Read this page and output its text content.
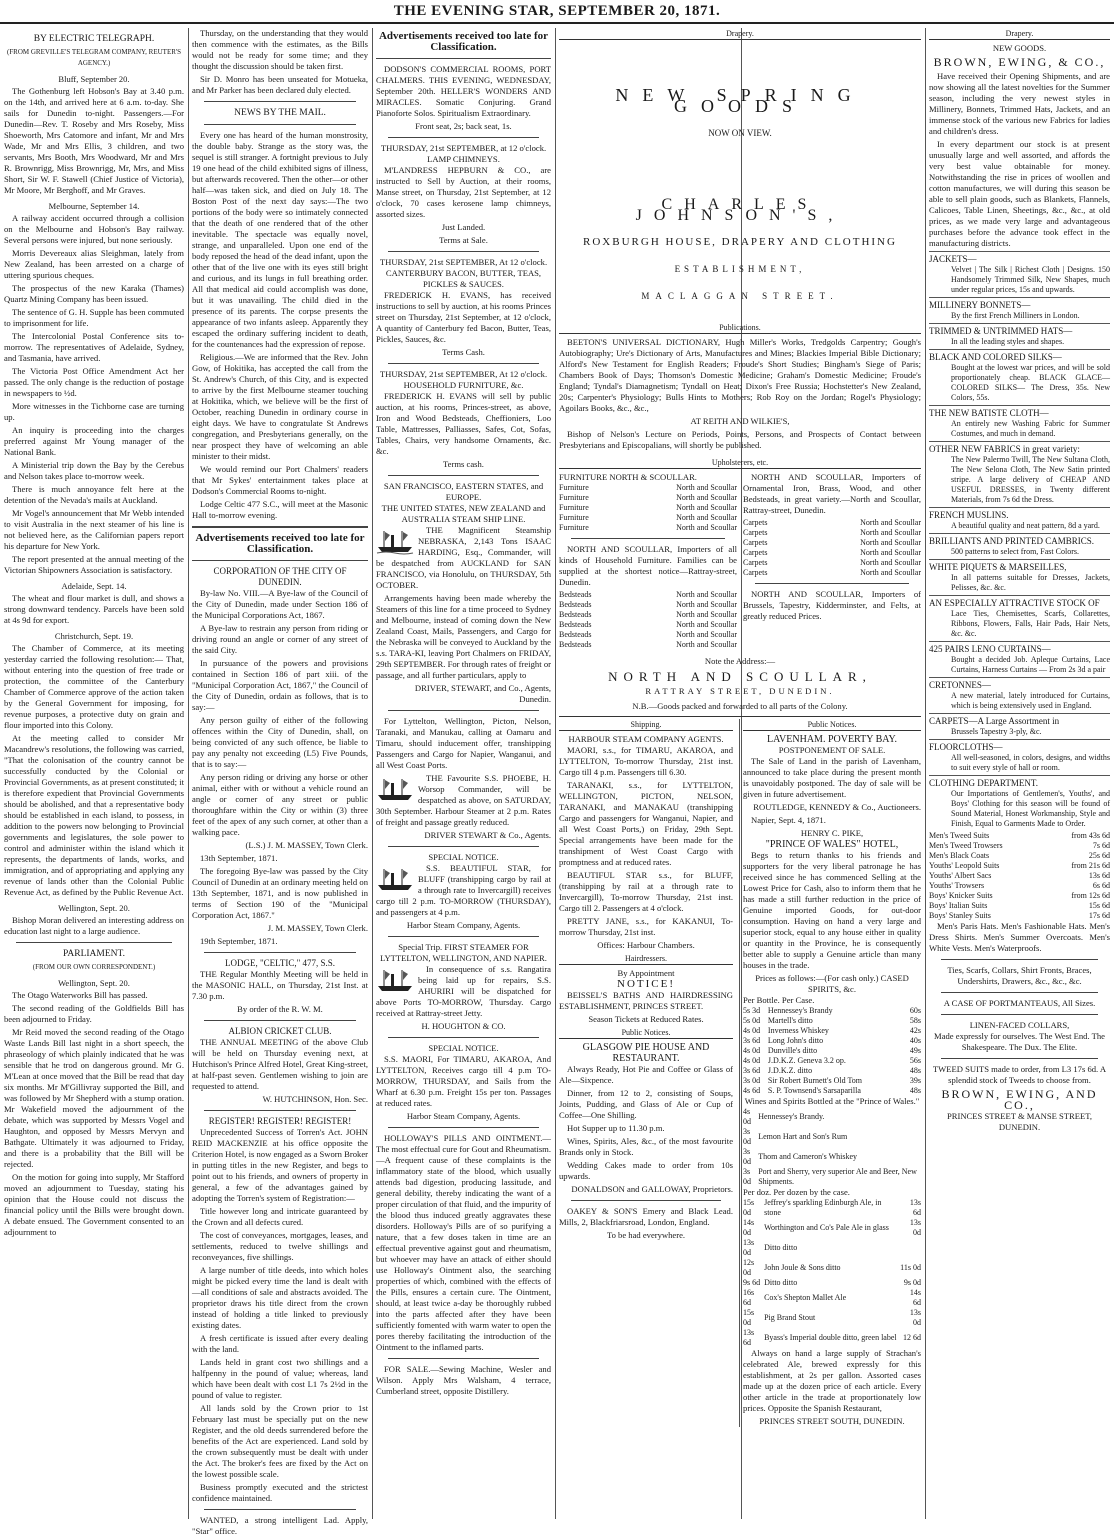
THE EVENING STAR, SEPTEMBER 20, 1871.
BY ELECTRIC TELEGRAPH.
(FROM GREVILLE'S TELEGRAM COMPANY, REUTER'S AGENCY.)
Bluff, September 20.

The Gothenburg left Hobson's Bay at 3.40 p.m. on the 14th, and arrived here at 6 a.m. to-day. She sails for Dunedin to-night. Passengers.—For Dunedin—Rev. T. Roseby and Mrs Roseby, Miss Shoeworth, Mrs Catomore and infant, Mr and Mrs Wade, Mr and Mrs Ellis, 3 children, and two servants, Mrs Booth, Mrs Woodward, Mr and Mrs R. Brownrigg, Miss Brownrigg, Mr, Mrs, and Miss Short, Sir W. F. Stawell (Chief Justice of Victoria), Mr Moore, Mr Berghoff, and Mr Graves.

Melbourne, September 14.

A railway accident occurred through a collision on the Melbourne and Hobson's Bay railway. Several persons were injured, but none seriously.

Morris Devereaux alias Sleighman, lately from New Zealand, has been arrested on a charge of uttering spurious cheques.

The prospectus of the new Karaka (Thames) Quartz Mining Company has been issued.

The sentence of G. H. Supple has been commuted to imprisonment for life.

The Intercolonial Postal Conference sits to-morrow. The representatives of Adelaide, Sydney, and Tasmania, have arrived.

The Victoria Post Office Amendment Act her passed. The only change is the reduction of postage in newspapers to ½d.

More witnesses in the Tichborne case are turning up.

An inquiry is proceeding into the charges preferred against Mr Young manager of the National Bank.

A Ministerial trip down the Bay by the Cerebus and Nelson takes place to-morrow week.

There is much annoyance felt here at the detention of the Nevada's mails at Auckland.

Mr Vogel's announcement that Mr Webb intended to visit Australia in the next steamer of his line is not believed here, as the Californian papers report his departure for New York.

The report presented at the annual meeting of the Victorian Shipowners Association is satisfactory.

Adelaide, Sept. 14.

The wheat and flour market is dull, and shows a strong downward tendency. Parcels have been sold at 4s 9d for export.

Christchurch, Sept. 19.

The Chamber of Commerce, at its meeting yesterday carried the following resolution:— That, without entering into the question of free trade or protection, the committee of the Canterbury Chamber of Commerce approve of the action taken by the General Government for imposing, for revenue purposes, a protective duty on grain and flour imported into this Colony.

At the meeting called to consider Mr Macandrew's resolutions, the following was carried, "That the colonisation of the country cannot be successfully conducted by the Colonial or Provincial Governments, as at present constituted; it is therefore expedient that Provincial Governments should be abolished, and that a representative body should be established in each island, to possess, in addition to the powers now belonging to Provincial governments and legislatures, the sole power to control and administer within the island which it represents, the departments of lands, works, and immigration, and of appropriating and applying any revenue of lands other than the Colonial Public Revenue Act, as defined by the Public Revenue Act.

Wellington, Sept. 20.

Bishop Moran delivered an interesting address on education last night to a large audience.

PARLIAMENT.
(FROM OUR OWN CORRESPONDENT.)
Wellington, Sept. 20.

The Otago Waterworks Bill has passed.

The second reading of the Goldfields Bill has been adjourned to Friday.

Mr Reid moved the second reading of the Otago Waste Lands Bill last night in a short speech, the phraseology of which plainly indicated that he was sensible that he trod on dangerous ground. Mr G. M'Lean at once moved that the Bill be read that day six months. Mr M'Gillivray supported the Bill, and was followed by Mr Shepherd with a stump oration. Mr Wakefield moved the adjournment of the debate, which was supported by Messrs Vogel and Haughton, and opposed by Messrs Mervyn and Bathgate. Ultimately it was adjourned to Friday, and there is a probability that the Bill will be rejected.

On the motion for going into supply, Mr Stafford moved an adjournment to Tuesday, stating his opinion that the House could not discuss the financial policy until the Bills were brought down. A debate ensued. The Government consented to an adjournment to

Thursday, on the understanding that they would then commence with the estimates, as the Bills would not be ready for some time; and they thought the discussion should be taken first.

Sir D. Monro has been unseated for Motueka, and Mr Parker has been declared duly elected.

NEWS BY THE MAIL.

Every one has heard of the human monstrosity, the double baby. Strange as the story was, the sequel is still stranger. A fortnight previous to July 19 one head of the child exhibited signs of illness, but afterwards recovered. Then the other—or other half—was taken sick, and died on July 18. The Boston Post of the next day says:—The two portions of the body were so intimately connected that the death of one rendered that of the other inevitable. The spectacle was equally novel, strange, and unparalleled. Upon one end of the body reposed the head of the dead infant, upon the other that of the live one with its eyes still bright and curious, and its lungs in full breathing order. All that medical aid could accomplish was done, but it was unavailing. The child died in the presence of its parents. The corpse presents the appearance of two infants asleep. Apparently they escaped the ordinary suffering incident to death, for the countenances had the expression of repose.

Religious.—We are informed that the Rev. John Gow, of Hokitika, has accepted the call from the St. Andrew's Church, of this City, and is expected to arrive by the first Melbourne steamer touching at Hokitika, which, we believe will be the first of October, reaching Dunedin in ordinary course in eight days. We have to congratulate St Andrews congregation, and Presbyterians generally, on the near prospect they have of welcoming an able minister to their midst.

We would remind our Port Chalmers' readers that Mr Sykes' entertainment takes place at Dodson's Commercial Rooms to-night.

Lodge Celtic 477 S.C., will meet at the Masonic Hall to-morrow evening.

Advertisements received too late for Classification.
CORPORATION OF THE CITY OF DUNEDIN.

By-law No. VIII.—A Bye-law of the Council of the City of Dunedin, made under Section 186 of the Municipal Corporations Act, 1867.

A Bye-law to restrain any person from riding or driving round an angle or corner of any street of the said City.

In pursuance of the powers and provisions contained in Section 186 of part xiii. of the "Municipal Corporation Act, 1867," the Council of the City of Dunedin, ordain as follows, that is to say:—

Any person guilty of either of the following offences within the City of Dunedin, shall, on being convicted of any such offence, be liable to pay any penalty not exceeding (L5) Five Pounds, that is to say:—

Any person riding or driving any horse or other animal, either with or without a vehicle round an angle or corner of any street or public thoroughfare within the City or within (3) three feet of the apex of any such corner, at other than a walking pace.

(L.S.) J. M. MASSEY, Town Clerk.

13th September, 1871.

The foregoing Bye-law was passed by the City Council of Dunedin at an ordinary meeting held on 13th September, 1871, and is now published in terms of Section 190 of the "Municipal Corporation Act, 1867."

J. M. MASSEY, Town Clerk.

19th September, 1871.

LODGE, "CELTIC," 477, S.S.

THE Regular Monthly Meeting will be held in the MASONIC HALL, on Thursday, 21st Inst. at 7.30 p.m.

By order of the R. W. M.

ALBION CRICKET CLUB.

THE ANNUAL MEETING of the above Club will be held on Thursday evening next, at Hutchison's Prince Alfred Hotel, Great King-street, at half-past seven. Gentlemen wishing to join are requested to attend.

W. HUTCHINSON, Hon. Sec.

REGISTER! REGISTER! REGISTER!

Unprecedented Success of Torren's Act. JOHN REID MACKENZIE at his office opposite the Criterion Hotel, is now engaged as a Sworn Broker in putting titles in the new Register, and begs to point out to his friends, and owners of property in general, a few of the advantages gained by adopting the Torren's system of Registration:—

Title however long and intricate guaranteed by the Crown and all defects cured.

The cost of conveyances, mortgages, leases, and settlements, reduced to twelve shillings and reconveyances, five shillings.

A large number of title deeds, into which holes might be picked every time the land is dealt with—all conditions of sale and abstracts avoided. The proprietor draws his title direct from the crown instead of holding a title linked to previously existing dates.

A fresh certificate is issued after every dealing with the land.

Lands held in grant cost two shillings and a halfpenny in the pound of value; whereas, land which have been dealt with cost L1 7s 2½d in the pound of value to register.

All lands sold by the Crown prior to 1st February last must be specially put on the new Register, and the old deeds surrendered before the benefits of the Act are experienced. Land sold by the crown subsequently must be dealt with under the Act. The broker's fees are fixed by the Act on the lowest possible scale.

Business promptly executed and the strictest confidence maintained.

WANTED, a strong intelligent Lad. Apply, "Star" office.

Advertisements received too late for Classification.

DODSON'S COMMERCIAL ROOMS, PORT CHALMERS. THIS EVENING, WEDNESDAY, September 20th. HELLER'S WONDERS AND MIRACLES. Somatic Conjuring. Grand Pianoforte Solos. Spiritualism Extraordinary.

Front seat, 2s; back seat, 1s.

THURSDAY, 21st SEPTEMBER, at 12 o'clock.
LAMP CHIMNEYS.

M'LANDRESS HEPBURN & CO., are instructed to Sell by Auction, at their rooms, Manse street, on Thursday, 21st September, at 12 o'clock, 70 cases kerosene lamp chimneys, assorted sizes.

Just Landed.

Terms at Sale.

THURSDAY, 21st SEPTEMBER, At 12 o'clock.
CANTERBURY BACON, BUTTER, TEAS, PICKLES & SAUCES.

FREDERICK H. EVANS, has received instructions to sell by auction, at his rooms Princes street on Thursday, 21st September, at 12 o'clock, A quantity of Canterbury fed Bacon, Butter, Teas, Pickles, Sauces, &c.

Terms Cash.

THURSDAY, 21st SEPTEMBER, At 12 o'clock.
HOUSEHOLD FURNITURE, &c.

FREDERICK H. EVANS will sell by public auction, at his rooms, Princes-street, as above, Iron and Wood Bedsteads, Cheffioniers, Loo Table, Mattresses, Palliasses, Safes, Cot, Sofas, Tables, Chairs, very handsome Ornaments, &c. &c.

Terms cash.

SAN FRANCISCO, EASTERN STATES, and EUROPE.
THE UNITED STATES, NEW ZEALAND and AUSTRALIA STEAM SHIP LINE.

THE Magnificent Steamship NEBRASKA, 2,143 Tons ISAAC HARDING, Esq., Commander, will be despatched from AUCKLAND for SAN FRANCISCO, via Honolulu, on THURSDAY, 5th OCTOBER.

Arrangements having been made whereby the Steamers of this line for a time proceed to Sydney and Melbourne, instead of coming down the New Zealand Coast, Mails, Passengers, and Cargo for the Nebraska will be conveyed to Auckland by the s.s. TARA-KI, leaving Port Chalmers on FRIDAY, 29th SEPTEMBER. For through rates of freight or passage, and all further particulars, apply to

DRIVER, STEWART, and Co., Agents, Dunedin.

For Lyttelton, Wellington, Picton, Nelson, Taranaki, and Manukau, calling at Oamaru and Timaru, should inducement offer, transhipping Passengers and Cargo for Napier, Wanganui, and all West Coast Ports.

THE Favourite S.S. PHOEBE, H. Worsop Commander, will be despatched as above, on SATURDAY, 30th September. Harbour Steamer at 2 p.m. Rates of freight and passage greatly reduced.

DRIVER STEWART & Co., Agents.

SPECIAL NOTICE.

S.S. BEAUTIFUL STAR, for BLUFF (transhipping cargo by rail at a through rate to Invercargill) receives cargo till 2 p.m. TO-MORROW (THURSDAY), and passengers at 4 p.m.

Harbor Steam Company, Agents.

Special Trip. FIRST STEAMER FOR LYTTELTON, WELLINGTON, AND NAPIER.

In consequence of s.s. Rangatira being laid up for repairs, S.S. AHURIRI will be dispatched for above Ports TO-MORROW, Thursday. Cargo received at Rattray-street Jetty.

H. HOUGHTON & CO.

SPECIAL NOTICE.

S.S. MAORI, For TIMARU, AKAROA, And LYTTELTON, Receives cargo till 4 p.m TO-MORROW, THURSDAY, and Sails from the Wharf at 6.30 p.m. Freight 15s per ton. Passages at reduced rates.

Harbor Steam Company, Agents.

HOLLOWAY'S PILLS AND OINTMENT.—The most effectual cure for Gout and Rheumatism.—A frequent cause of these complaints is the inflammatory state of the blood, which usually attends bad digestion, producing lassitude, and general debility, thereby indicating the want of a proper circulation of that fluid, and the impurity of the blood thus induced greatly aggravates these disorders. Holloway's Pills are of so purifying a nature, that a few doses taken in time are an effectual preventive against gout and rheumatism, but whoever may have an attack of either should use Holloway's Ointment also, the searching properties of which, combined with the effects of the Pills, ensures a certain cure. The Ointment, should, at least twice a-day be thoroughly rubbed into the parts affected after they have been sufficiently fomented with warm water to open the pores thereby facilitating the introduction of the Ointment to the inflamed parts.

FOR SALE.—Sewing Machine, Wesler and Wilson. Apply Mrs Walsham, 4 terrace, Cumberland street, opposite Distillery.

Drapery.
NEW SPRING GOODS
NOW ON VIEW.
CHARLES JOHNSON'S,
ROXBURGH HOUSE, DRAPERY AND CLOTHING
ESTABLISHMENT,
MACLAGGAN STREET.
Publications.

BEETON'S UNIVERSAL DICTIONARY, Hugh Miller's Works, Tredgolds Carpentry; Gough's Autobiography; Ure's Dictionary of Arts, Manufactures and Mines; Blackies Imperial Bible Dictionary; Alford's New Testament for English Readers; Froude's Short Studies; Bingham's Siege of Paris; Chambers Book of Days; Thomson's Domestic Medicine; Graham's Domestic Medicine; Froude's England; Tyndal's Diamagnetism; Tyndall on Heat; Dixon's Free Russia; Hochstetter's New Zealand, 20s; Carpenter's Physiology; Bulls Hints to Mothers; Rob Roy on the Jordan; Rogel's Physiology; Agoilars Books, &c., &c.,

AT REITH AND WILKIE'S,

Bishop of Nelson's Lecture on Periods, Points, Persons, and Prospects of Contact between Presbyterians and Episcopalians, will shortly be published.

Upholsterers, etc.
FURNITURE NORTH & SCOULLAR.
Furniture	North and Scoullar
Furniture	North and Scoullar
Furniture	North and Scoullar
Furniture	North and Scoullar
Furniture	North and Scoullar

NORTH AND SCOULLAR, Importers of all kinds of Household Furniture. Families can be supplied at the shortest notice—Rattray-street, Dunedin.

Bedsteads	North and Scoullar
Bedsteads	North and Scoullar
Bedsteads	North and Scoullar
Bedsteads	North and Scoullar
Bedsteads	North and Scoullar
Bedsteads	North and Scoullar

NORTH AND SCOULLAR, Importers of Ornamental Iron, Brass, Wood, and other Bedsteads, in great variety.—North and Scoullar, Rattray-street, Dunedin.

Carpets	North and Scoullar
Carpets	North and Scoullar
Carpets	North and Scoullar
Carpets	North and Scoullar
Carpets	North and Scoullar
Carpets	North and Scoullar

NORTH AND SCOULLAR, Importers of Brussels, Tapestry, Kidderminster, and Felts, at greatly reduced Prices.

Note the Address:—
NORTH AND SCOULLAR,
RATTRAY STREET, DUNEDIN.
N.B.—Goods packed and forwarded to all parts of the Colony.
Shipping.
HARBOUR STEAM COMPANY AGENTS.

MAORI, s.s., for TIMARU, AKAROA, and LYTTELTON, To-morrow Thursday, 21st inst. Cargo till 4 p.m. Passengers till 6.30.

TARANAKI, s.s., for LYTTELTON, WELLINGTON, PICTON, NELSON, TARANAKI, and MANAKAU (transhipping Cargo and passengers for Wanganui, Napier, and all West Coast Ports,) on Friday, 29th Sept. Special arrangements have been made for the transhipment of West Coast Cargo with promptness and at reduced rates.

BEAUTIFUL STAR s.s., for BLUFF, (transhipping by rail at a through rate to Invercargill), To-morrow Thursday, 21st inst. Cargo till 2. Passengers at 4 o'clock.

PRETTY JANE, s.s., for KAKANUI, To-morrow Thursday, 21st inst.

Offices: Harbour Chambers.

Hairdressers.
By Appointment
NOTICE!

BEISSEL'S BATHS AND HAIRDRESSING ESTABLISHMENT, PRINCES STREET.

Season Tickets at Reduced Rates.

Public Notices.
GLASGOW PIE HOUSE AND RESTAURANT.

Always Ready, Hot Pie and Coffee or Glass of Ale—Sixpence.

Dinner, from 12 to 2, consisting of Soups, Joints, Pudding, and Glass of Ale or Cup of Coffee—One Shilling.

Hot Supper up to 11.30 p.m.

Wines, Spirits, Ales, &c., of the most favourite Brands only in Stock.

Wedding Cakes made to order from 10s upwards.

DONALDSON and GALLOWAY, Proprietors.

OAKEY & SON'S Emery and Black Lead. Mills, 2, Blackfriarsroad, London, England.

To be had everywhere.

Public Notices.
LAVENHAM. POVERTY BAY.
POSTPONEMENT OF SALE.

The Sale of Land in the parish of Lavenham, announced to take place during the present month is unavoidably postponed. The day of sale will be given in future advertisement.

ROUTLEDGE, KENNEDY & Co., Auctioneers.

Napier, Sept. 4, 1871.

HENRY C. PIKE,
"PRINCE OF WALES" HOTEL,

Begs to return thanks to his friends and supporters for the very liberal patronage he has received since he has commenced Selling at the Lowest Price for Cash, also to inform them that he has made a still further reduction in the price of Genuine imported Goods, for out-door consumption. Having on hand a very large and superior stock, equal to any house either in quality or quantity in the Province, he is consequently better able to supply a Genuine article than many houses in the trade.

Prices as follows:—(For cash only.) CASED SPIRITS, &c.
Per Bottle. Per Case.
5s 3d	Hennessey's Brandy	60s
5s 0d	Martell's ditto	58s
4s 0d	Inverness Whiskey	42s
3s 6d	Long John's ditto	40s
4s 0d	Dunville's ditto	49s
4s 0d	J.D.K.Z. Geneva 3.2 op.	56s
3s 6d	J.D.K.Z. ditto	48s
3s 0d	Sir Robert Burnett's Old Tom	39s
4s 6d	S. P. Townsend's Sarsaparilla	48s
Wines and Spirits Bottled at the "Prince of Wales."
4s 0d	Hennessey's Brandy.	
3s 0d	Lemon Hart and Son's Rum	
3s 0d	Thom and Cameron's Whiskey	
3s 0d	Port and Sherry, very superior Ale and Beer, New Shipments.	
Per doz. Per dozen by the case.
15s 0d	Jeffrey's sparkling Edinburgh Ale, in stone	13s 6d
14s 0d	Worthington and Co's Pale Ale in glass	13s 0d
13s 0d	Ditto ditto	
12s 0d	John Joule & Sons ditto	11s 0d
9s 6d	Ditto ditto	9s 0d
16s 6d	Cox's Shepton Mallet Ale	14s 6d
15s 0d	Pig Brand Stout	13s 0d
13s 6d	Byass's Imperial double ditto, green label	12 6d

Always on hand a large supply of Strachan's celebrated Ale, brewed expressly for this establishment, at 2s per gallon. Assorted cases made up at the dozen price of each article. Every other article in the trade at proportionately low prices. Opposite the Spanish Restaurant,

PRINCES STREET SOUTH, DUNEDIN.
Drapery.
NEW GOODS.
BROWN, EWING, & CO.,

Have received their Opening Shipments, and are now showing all the latest novelties for the Summer season, including the very newest styles in Millinery, Bonnets, Trimmed Hats, Jackets, and an immense stock of the various new Fabrics for ladies and children's dress.

In every department our stock is at present unusually large and well assorted, and affords the very best value obtainable for money. Notwithstanding the rise in prices of woollen and cotton manufactures, we will during this season be able to sell plain goods, such as Blankets, Flannels, Calicoes, Table Linen, Sheetings, &c., &c., at old prices, as we made very large and advantageous purchases before the advance took effect in the manufacturing districts.

JACKETS—
Velvet | The Silk | Richest Cloth | Designs. 150 Handsomely Trimmed Silk, New Shapes, much under regular prices, 15s and upwards.
MILLINERY BONNETS—
By the first French Milliners in London.
TRIMMED & UNTRIMMED HATS—
In all the leading styles and shapes.
BLACK AND COLORED SILKS—
Bought at the lowest war prices, and will be sold proportionately cheap. BLACK GLACE—COLORED SILKS— The Dress, 35s. New Colors, 55s.
THE NEW BATISTE CLOTH—
An entirely new Washing Fabric for Summer Costumes, and much in demand.
OTHER NEW FABRICS in great variety:
The New Palermo Twill, The New Sultana Cloth, The New Selona Cloth, The New Satin printed stripe. A large delivery of CHEAP AND USEFUL DRESSES, in Twenty different Materials, from 7s 6d the Dress.
FRENCH MUSLINS.
A beautiful quality and neat pattern, 8d a yard.
BRILLIANTS AND PRINTED CAMBRICS.
500 patterns to select from, Fast Colors.
WHITE PIQUETS & MARSEILLES,
In all patterns suitable for Dresses, Jackets, Pelisses, &c. &c.
AN ESPECIALLY ATTRACTIVE STOCK OF
Lace Ties, Chemisettes, Scarfs, Collarettes, Ribbons, Flowers, Falls, Hair Pads, Hair Nets, &c. &c.
425 PAIRS LENO CURTAINS—
Bought a decided Job. Apleque Curtains, Lace Curtains, Harness Curtains — From 2s 3d a pair
CRETONNES—
A new material, lately introduced for Curtains, which is being extensively used in England.
CARPETS—A Large Assortment in
Brussels Tapestry 3-ply, &c.
FLOORCLOTHS—
All well-seasoned, in colors, designs, and widths to suit every style of hall or room.
CLOTHING DEPARTMENT.
Our Importations of Gentlemen's, Youths', and Boys' Clothing for this season will be found of Sound Material, Honest Workmanship, Style and Finish, Equal to Garments Made to Order.
Men's Tweed Suits	from 43s 6d
Men's Tweed Trowsers	7s 6d
Men's Black Coats	25s 6d
Youths' Leopold Suits	from 21s 6d
Youths' Albert Sacs	13s 6d
Youths' Trowsers	6s 6d
Boys' Knicker Suits	from 12s 6d
Boys' Italian Suits	15s 6d
Boys' Stanley Suits	17s 6d

Men's Paris Hats. Men's Fashionable Hats. Men's Dress Shirts. Men's Summer Overcoats. Men's White Vests. Men's Waterproofs.

Ties, Scarfs, Collars, Shirt Fronts, Braces, Undershirts, Drawers, &c., &c., &c.

A CASE OF PORTMANTEAUS, All Sizes.
LINEN-FACED COLLARS,

Made expressly for ourselves. The West End. The Shakespeare. The Dux. The Elite.

TWEED SUITS made to order, from L3 17s 6d. A splendid stock of Tweeds to choose from.

BROWN, EWING, AND CO.,
PRINCES STREET & MANSE STREET, DUNEDIN.
